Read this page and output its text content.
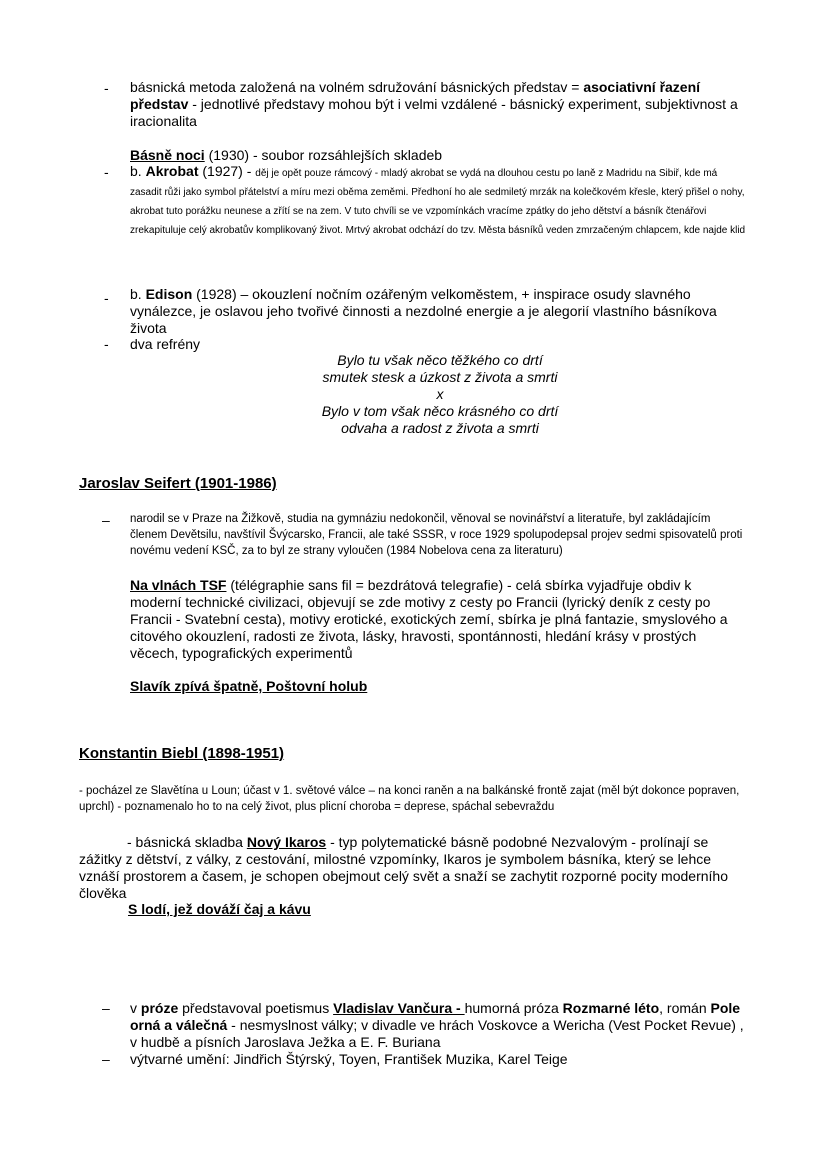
- básnická metoda založená na volném sdružování básnických představ = asociativní řazení představ - jednotlivé představy mohou být i velmi vzdálené - básnický experiment, subjektivnost a iracionalita
Básně noci (1930) - soubor rozsáhlejších skladeb
- b. Akrobat (1927) - děj je opět pouze rámcový - mladý akrobat se vydá na dlouhou cestu po laně z Madridu na Sibiř, kde má zasadit růži jako symbol přátelství a míru mezi oběma zeměmi. Předhoní ho ale sedmiletý mrzák na kolečkovém křesle, který přišel o nohy, akrobat tuto porážku neunese a zřítí se na zem. V tuto chvíli se ve vzpomínkách vracíme zpátky do jeho dětství a básník čtenářovi zrekapituluje celý akrobatův komplikovaný život. Mrtvý akrobat odchází do tzv. Města básníků veden zmrzačeným chlapcem, kde najde klid
- b. Edison (1928) – okouzlení nočním ozářeným velkoměstem, + inspirace osudy slavného vynálezce, je oslavou jeho tvořivé činnosti a nezdolné energie a je alegorií vlastního básníkova života
- dva refrény

Bylo tu však něco těžkého co drtí

smutek stesk a úzkost z života a smrti

x

Bylo v tom však něco krásného co drtí

odvaha a radost z života a smrti

Jaroslav Seifert (1901-1986)
– narodil se v Praze na Žižkově, studia na gymnáziu nedokončil, věnoval se novinářství a literatuře, byl zakládajícím členem Devětsilu, navštívil Švýcarsko, Francii, ale také SSSR, v roce 1929 spolupodepsal projev sedmi spisovatelů proti novému vedení KSČ, za to byl ze strany vyloučen (1984 Nobelova cena za literaturu)
Na vlnách TSF (télégraphie sans fil = bezdrátová telegrafie) - celá sbírka vyjadřuje obdiv k moderní technické civilizaci, objevují se zde motivy z cesty po Francii (lyrický deník z cesty po Francii - Svatební cesta), motivy erotické, exotických zemí, sbírka je plná fantazie, smyslového a citového okouzlení, radosti ze života, lásky, hravosti, spontánnosti, hledání krásy v prostých věcech, typografických experimentů
Slavík zpívá špatně, Poštovní holub
Konstantin Biebl (1898-1951)
- pocházel ze Slavětína u Loun; účast v 1. světové válce – na konci raněn a na balkánské frontě zajat (měl být dokonce popraven, uprchl) - poznamenalo ho to na celý život, plus plicní choroba = deprese, spáchal sebevraždu
- básnická skladba Nový Ikaros - typ polytematické básně podobné Nezvalovým - prolínají se zážitky z dětství, z války, z cestování, milostné vzpomínky, Ikaros je symbolem básníka, který se lehce vznáší prostorem a časem, je schopen obejmout celý svět a snaží se zachytit rozporné pocity moderního člověka
S lodí, jež dováží čaj a kávu
– v próze představoval poetismus Vladislav Vančura - humorná próza Rozmarné léto, román Pole orná a válečná - nesmyslnost války; v divadle ve hrách Voskovce a Wericha (Vest Pocket Revue) , v hudbě a písních Jaroslava Ježka a E. F. Buriana
– výtvarné umění: Jindřich Štýrský, Toyen, František Muzika, Karel Teige
